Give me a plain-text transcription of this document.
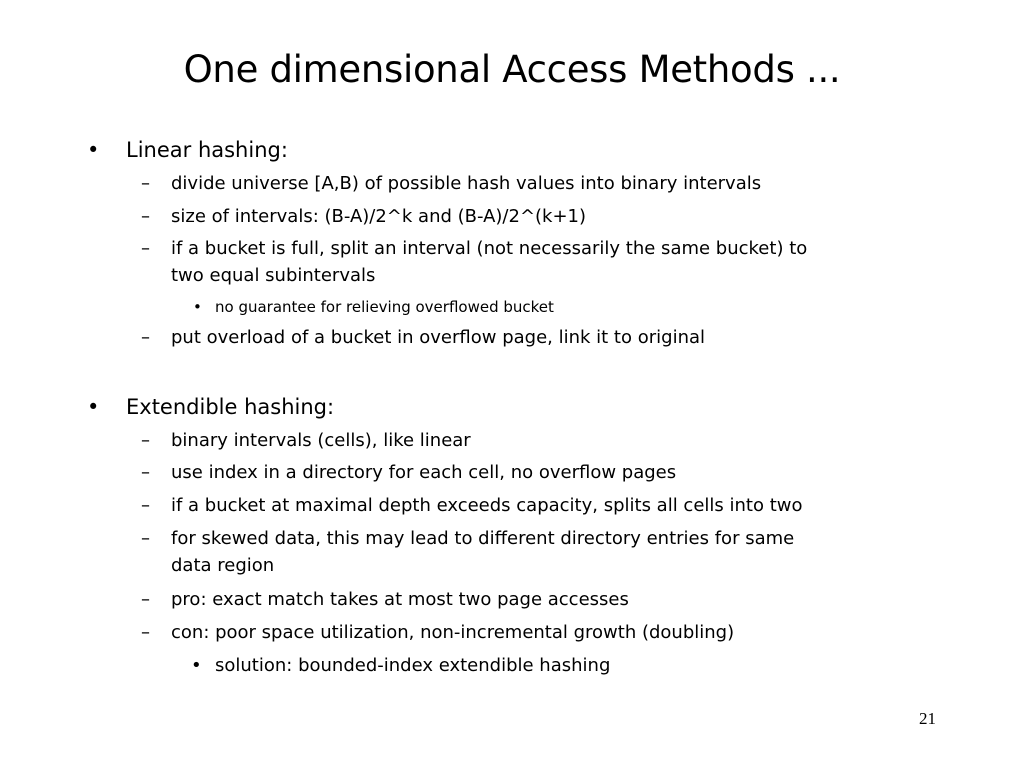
One dimensional Access Methods ...
• Linear hashing:
– divide universe [A,B) of possible hash values into binary intervals
– size of intervals: (B-A)/2^k and (B-A)/2^(k+1)
– if a bucket is full, split an interval (not necessarily the same bucket) to
two equal subintervals
• no guarantee for relieving overflowed bucket
– put overload of a bucket in overflow page, link it to original
• Extendible hashing:
– binary intervals (cells), like linear
– use index in a directory for each cell, no overflow pages
– if a bucket at maximal depth exceeds capacity, splits all cells into two
– for skewed data, this may lead to different directory entries for same
data region
– pro: exact match takes at most two page accesses
– con: poor space utilization, non-incremental growth (doubling)
• solution: bounded-index extendible hashing
21
